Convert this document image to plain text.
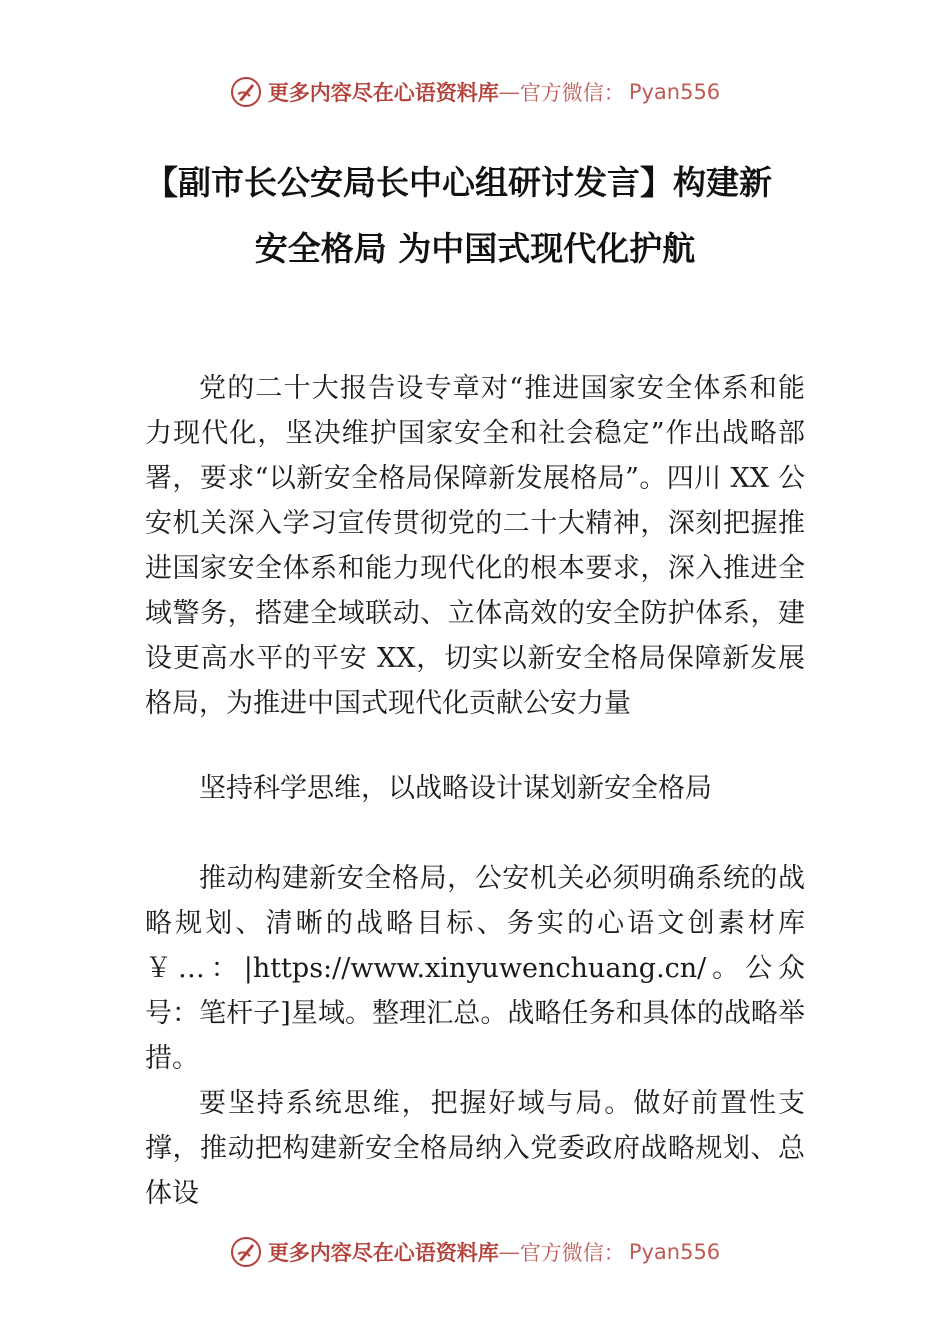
更多内容尽在心语资料库 — 官方微信： Pyan556
【副市长公安局长中心组研讨发言】构建新
安全格局 为中国式现代化护航

党的二十大报告设专章对“推进国家安全体系和能力现代化，坚决维护国家安全和社会稳定”作出战略部署，要求“以新安全格局保障新发展格局”。四川 XX 公安机关深入学习宣传贯彻党的二十大精神，深刻把握推进国家安全体系和能力现代化的根本要求，深入推进全域警务，搭建全域联动、立体高效的安全防护体系，建设更高水平的平安 XX，切实以新安全格局保障新发展格局，为推进中国式现代化贡献公安力量

坚持科学思维，以战略设计谋划新安全格局

推动构建新安全格局，公安机关必须明确系统的战略规划、清晰的战略目标、务实的心语文创素材库￥…：|https://www.xinyuwenchuang.cn/。公众号：笔杆子]星域。整理汇总。战略任务和具体的战略举措。

要坚持系统思维，把握好域与局。做好前置性支撑，推动把构建新安全格局纳入党委政府战略规划、总体设

更多内容尽在心语资料库 — 官方微信： Pyan556
